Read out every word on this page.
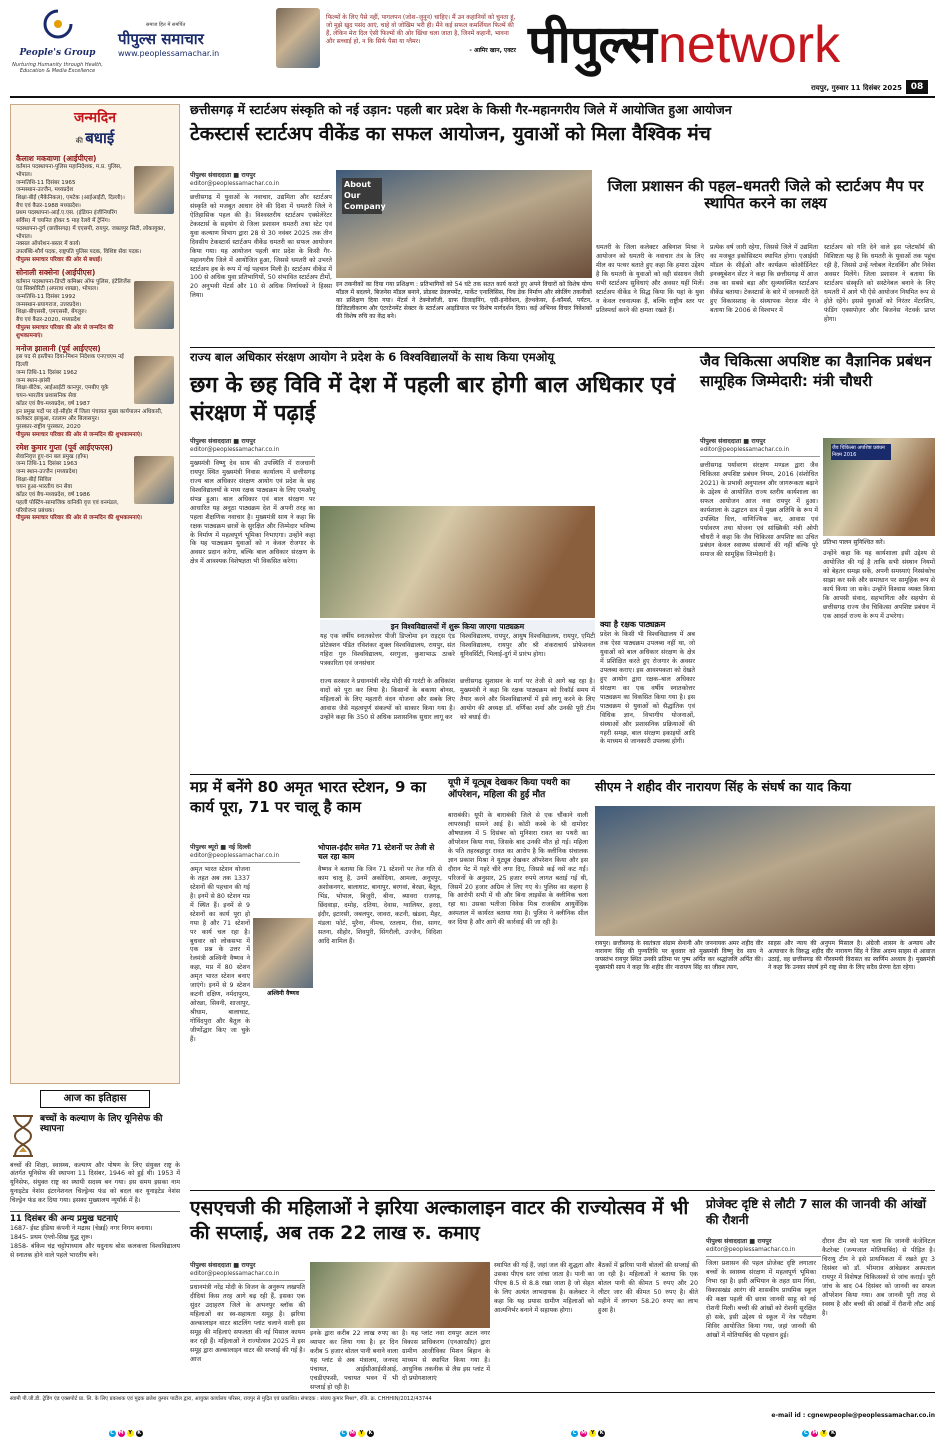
People's Group
Nurturing Humanity through Health, Education & Media Excellence
समाज हित में समर्पित
पीपुल्स समाचार
www.peoplessamachar.in
फिल्मों के लिए पैसे नहीं, पागलपन (जोश–जुनून) चाहिए। मैं उन कहानियों को चुनता हूं, जो मुझे खुद पसंद आएं, चाहे वो जोखिम भरी ही। मैंने कई सफल कमर्शियल फिल्में की हैं, लेकिन मेरा दिल ऐसी फिल्मों की ओर खिंचा चला जाता है, जिनमें कहानी, भावना और सच्चाई हो, न कि सिर्फ पैसा या ग्लैमर।
- आमिर खान, एक्टर पीपुल्स network
रायपुर, गुरुवार 11 दिसंबर 2025 08
जन्मदिन
की बधाई
कैलाश मकवाणा (आईपीएस)
वर्तमान पदस्थापना-पुलिस महानिदेशक, म.प्र. पुलिस, भोपाल।
जन्मतिथि-11 दिसंबर 1965
जन्मस्थान-उज्जैन, मध्यप्रदेश
शिक्षा-बीई (मैकेनिकल), एमटेक (आईआईटी, दिल्ली)।
बैच एवं कैडर-1988 मध्यप्रदेश।
प्रथम पदस्थापना-आई.ए.एस. (इंडियन इंजीनियरिंग सर्विस) में चयनित होकर 5 माह रेलवे में ट्रेनिंग।
पदस्थापना-दुर्ग (छत्तीसगढ़) में एएसपी, रायपुर, जबलपुर सिटी, लोकायुक्त, भोपाल।
नक्सल ऑपरेशन-बस्तर में कार्य।
उपलब्धि-शौर्य पदक, राष्ट्रपति पुलिस पदक, विशिष्ट सेवा पदक।
पीपुल्स समाचार परिवार की ओर से बधाई।
सोनाली सक्सेना (आईपीएस)
वर्तमान पदस्थापना-डिप्टी कमिश्नर ऑफ पुलिस, इंटेलिजेंस एंड सिक्योरिटी (अपराध शाखा), भोपाल।
जन्मतिथि-11 दिसंबर 1992
जन्मस्थान-प्रयागराज, उत्तरप्रदेश।
शिक्षा-बीएससी, एमएससी, बेंगलुरु।
बैच एवं कैडर-2020, मध्यप्रदेश
पीपुल्स समाचार परिवार की ओर से जन्मदिन की शुभकामनाएं।
मनोज झालानी (पूर्व आईएएस)
इस पद से इस्तीफा दिया-मिशन निदेशक एनएचएम नई दिल्ली
जन्म तिथि-11 दिसंबर 1962
जन्म स्थान-झांसी
शिक्षा-बीटेक, आईआईटी कानपुर, एमबीए यूके
चयन-भारतीय प्रशासनिक सेवा
कॉडर एवं बैच-मध्यप्रदेश, वर्ष 1987
इन प्रमुख पदों पर रहे-सीहोर में जिला पंचायत मुख्य कार्यपालन अधिकारी, कलेक्टर झाबुआ, रतलाम और बिलासपुर।
पुरस्कार-राष्ट्रीय पुरस्कार, 2020
पीपुल्स समाचार परिवार की ओर से जन्मदिन की शुभकामनाएं।
रमेश कुमार गुप्ता (पूर्व आईएफएस)
सेवानिवृत्त हुए-वन बल प्रमुख (हॉफ)
जन्म तिथि-11 दिसंबर 1963
जन्म स्थान-उज्जैन (मध्यप्रदेश)
शिक्षा-बीई सिविल
चयन हुआ-भारतीय वन सेवा
कॉडर एवं बैच-मध्यप्रदेश, वर्ष 1986
पहली पोस्टिंग-सामाजिक वानिकी वृत्त एवं वनमंडल, परियोजना प्रबंधक।
पीपुल्स समाचार परिवार की ओर से जन्मदिन की शुभकामनाएं।
छत्तीसगढ़ में स्टार्टअप संस्कृति को नई उड़ान: पहली बार प्रदेश के किसी गैर-महानगरीय जिले में आयोजित हुआ आयोजन
टेकस्टार्स स्टार्टअप वीकेंड का सफल आयोजन, युवाओं को मिला वैश्विक मंच
पीपुल्स संवाददाता ■ रायपुर
editor@peoplessamachar.co.in
छत्तीसगढ़ में युवाओं के नवाचार, उद्यमिता और स्टार्टअप संस्कृति को मजबूत आधार देने की दिशा में धमतरी जिले ने ऐतिहासिक पहल की है। विश्वस्तरीय स्टार्टअप एक्सेलेरेटर टेकस्टार्स के सहयोग से जिला प्रशासन धमतरी तथा स्टेट एवं युवा कल्याण विभाग द्वारा 28 से 30 नवंबर 2025 तक तीन दिवसीय टेकस्टार्स स्टार्टअप वीकेंड धमतरी का सफल आयोजन किया गया। यह आयोजन पहली बार प्रदेश के किसी गैर-महानगरीय जिले में आयोजित हुआ, जिससे धमतरी को उभरते स्टार्टअप हब के रूप में नई पहचान मिली है। स्टार्टअप वीकेंड में 100 से अधिक युवा प्रतिभागियों, 50 संभावित स्टार्टअप टीमों, 20 अनुभवी मेंटर्स और 10 से अधिक निर्णायकों ने हिस्सा लिया।
About Our Company
इन तकनीकों का दिया गया प्रशिक्षण : प्रतिभागियों को 54 घंटे तक सतत कार्य करते हुए अपने विचारों को विशेष योग्य मॉडल में बदलने, बिजनेस मॉडल बनाने, प्रोडक्ट डेवलपमेंट, मार्केट एनालिसिस, पिच डेक निर्माण और स्केलिंग तकनीकों का प्रशिक्षण दिया गया। मेंटर्स ने टेक्नोलॉजी, ग्राफ डिजाइनिंग, एग्री-इनोवेशन, हेल्थकेयर, ई-कॉमर्स, पर्यटन, डिजिटलीकरण और एंटरटेनमेंट सेक्टर के स्टार्टअप आइडियाज पर विशेष मार्गदर्शन दिया। कई अभिनव विचार निवेशकों की विशेष रुचि का केंद्र बने।
जिला प्रशासन की पहल–धमतरी जिले को स्टार्टअप मैप पर स्थापित करने का लक्ष्य
धमतरी के जिला कलेक्टर अबिनाश मिश्रा ने आयोजन को धमतरी के नवाचार तंत्र के लिए मील का पत्थर बताते हुए कहा कि हमारा उद्देश्य है कि धमतरी के युवाओं को वही संसाधन जैसी सभी स्टार्टअप सुविधाएं और अवसर यहीं मिलें। स्टार्टअप वीकेंड ने सिद्ध किया कि यहां के युवा न केवल रचनात्मक हैं, बल्कि राष्ट्रीय स्तर पर प्रतिस्पर्धा करने की क्षमता रखते हैं।
प्रत्येक वर्ष जारी रहेगा, जिससे जिले में उद्यमिता का मजबूत इकोसिस्टम स्थापित होगा। एआईसी मॉडल के सीईओ और कार्यक्रम कोऑर्डिनेटर इनक्यूबेशन सेंटर ने कहा कि छत्तीसगढ़ में आज तक का सबसे बड़ा और सुव्यवस्थित स्टार्टअप वीकेंड बताया। टेकस्टार्स के बारे में जानकारी देते हुए विकासशाह के संस्थापक मेराज मीर ने बताया कि 2006 से विश्वभर में
स्टार्टअप को गति देने वाले इस प्लेटफॉर्म की विशिष्टता यह है कि धमतरी के युवाओं तक पहुंच रही है, जिससे उन्हें ग्लोबल नेटवर्किंग और निवेश अवसर मिलेंगे। जिला प्रशासन ने बताया कि स्टार्टअप संस्कृति को सस्टेनेबल बनाने के लिए धमतरी में आगे भी ऐसे आयोजन नियमित रूप से होते रहेंगे। इससे युवाओं को निरंतर मेंटरशिप, फंडिंग एक्सपोज़र और बिजनेस नेटवर्क प्राप्त होगा।
राज्य बाल अधिकार संरक्षण आयोग ने प्रदेश के 6 विश्वविद्यालयों के साथ किया एमओयू
छग के छह विवि में देश में पहली बार होगी बाल अधिकार एवं संरक्षण में पढ़ाई
पीपुल्स संवाददाता ■ रायपुर
editor@peoplessamachar.co.in
मुख्यमंत्री विष्णु देव साय की उपस्थिति में राजधानी रायपुर स्थित मुख्यमंत्री निवास कार्यालय में छत्तीसगढ़ राज्य बाल अधिकार संरक्षण आयोग एवं प्रदेश के छह विश्वविद्यालयों के मध्य रक्षक पाठ्यक्रम के लिए एमओयू संपन्न हुआ। बाल अधिकार एवं बाल संरक्षण पर आधारित यह अनूठा पाठ्यक्रम देश में अपनी तरह का पहला शैक्षणिक नवाचार है। मुख्यमंत्री साय ने कहा कि रक्षक पाठ्यक्रम छात्रों के सुरक्षित और जिम्मेदार भविष्य के निर्माण में महत्वपूर्ण भूमिका निभाएगा। उन्होंने कहा कि यह पाठ्यक्रम युवाओं को न केवल रोजगार के अवसर प्रदान करेगा, बल्कि बाल अधिकार संरक्षण के क्षेत्र में आवश्यक विशेषज्ञता भी विकसित करेगा।
इन विश्वविद्यालयों में शुरू किया जाएगा पाठ्यक्रम
यह एक वर्षीय स्नातकोत्तर पीजी डिप्लोमा इन राइट्स एंड प्रोटेक्शन पंडित रविशंकर शुक्ल विश्वविद्यालय, रायपुर, संत गहिरा गुरु विश्वविद्यालय, सरगुजा, कुशाभाऊ ठाकरे पत्रकारिता एवं जनसंचार
विश्वविद्यालय, रायपुर, आयुष विश्वविद्यालय, रायपुर, एमिटी विश्वविद्यालय, रायपुर और श्री शंकराचार्य प्रोफेशनल यूनिवर्सिटी, भिलाई-दुर्ग में प्रारंभ होगा।
राज्य सरकार ने प्रधानमंत्री नरेंद्र मोदी की गारंटी के अधिकांश वादों को पूरा कर लिया है। किसानों के बकाया बोनस, महिलाओं के लिए महतारी वंदन योजना और सबके लिए आवास जैसे महत्वपूर्ण संकल्पों को साकार किया गया है। उन्होंने कहा कि 350 से अधिक प्रशासनिक सुधार लागू कर
छत्तीसगढ़ सुशासन के मार्ग पर तेजी से आगे बढ़ रहा है। मुख्यमंत्री ने कहा कि रक्षक पाठ्यक्रम को रिकॉर्ड समय में तैयार करने और विश्वविद्यालयों में इसे लागू करने के लिए आयोग की अध्यक्ष डॉ. वर्णिका शर्मा और उनकी पूरी टीम को बधाई दी।
क्या है रक्षक पाठ्यक्रम
प्रदेश के किसी भी विश्वविद्यालय में अब तक ऐसा पाठ्यक्रम उपलब्ध नहीं था, जो युवाओं को बाल अधिकार संरक्षण के क्षेत्र में प्रशिक्षित करते हुए रोजगार के अवसर उपलब्ध कराए। इस आवश्यकता को देखते हुए आयोग द्वारा रक्षक–बाल अधिकार संरक्षण का एक वर्षीय स्नातकोत्तर पाठ्यक्रम का विकसित किया गया है। इस पाठ्यक्रम से युवाओं को सैद्धांतिक एवं विधिक ज्ञान, विभागीय योजनाओं, संस्थाओं और प्रशासनिक प्रक्रियाओं की गहरी समझ, बाल संरक्षण इकाइयों आदि के माध्यम से जानकारी उपलब्ध होगी।
जैव चिकित्सा अपशिष्ट का वैज्ञानिक प्रबंधन सामूहिक जिम्मेदारी: मंत्री चौधरी
पीपुल्स संवाददाता ■ रायपुर
editor@peoplessamachar.co.in
छत्तीसगढ़ पर्यावरण संरक्षण मण्डल द्वारा जैव चिकित्सा अपशिष्ट प्रबंधन नियम, 2016 (संशोधित 2021) के प्रभावी अनुपालन और जागरूकता बढ़ाने के उद्देश्य से आयोजित राज्य स्तरीय कार्यशाला का सफल आयोजन आज नवा रायपुर में हुआ। कार्यशाला के उद्घाटन सत्र में मुख्य अतिथि के रूप में उपस्थित वित्त, वाणिज्यिक कर, आवास एवं पर्यावरण तथा योजना एवं सांख्यिकी मंत्री ओपी चौधरी ने कहा कि जैव चिकित्सा अपशिष्ट का उचित प्रबंधन केवल स्वास्थ्य संस्थानों की नहीं बल्कि पूरे समाज की सामूहिक जिम्मेदारी है।
जैव चिकित्सा अपशिष्ट प्रबंधन नियम 2016
प्रतिभा पालन सुनिश्चित करें।
उन्होंने कहा कि यह कार्यशाला इसी उद्देश्य से आयोजित की गई है ताकि सभी संस्थान नियमों को बेहतर समझ सकें, अपनी समस्याएं निस्संकोच साझा कर सकें और समाधान पर सामूहिक रूप से कार्य किया जा सके। उन्होंने विश्वास व्यक्त किया कि आपसी संवाद, सहभागिता और सहयोग से छत्तीसगढ़ राज्य जैव चिकित्सा अपशिष्ट प्रबंधन में एक आदर्श राज्य के रूप में उभरेगा।
मप्र में बनेंगे 80 अमृत भारत स्टेशन, 9 का कार्य पूरा, 71 पर चालू है काम
पीपुल्स ब्यूरो ■ नई दिल्ली
editor@peoplessamachar.co.in
अमृत भारत स्टेशन योजना के तहत अब तक 1337 स्टेशनों की पहचान की गई है। इनमें से 80 स्टेशन मप्र में स्थित हैं। इनमें से 9 स्टेशनों का कार्य पूरा हो गया है और 71 स्टेशनों पर कार्य चल रहा है। बुधवार को लोकसभा में एक प्रश्न के उत्तर में रेलमंत्री अश्विनी वैष्णव ने कहा, मप्र में 80 स्टेशन अमृत भारत स्टेशन बनाए जाएंगे। इनमें से 9 स्टेशन कटनी दक्षिण, नर्मदापुरम, ओरछा, सिवनी, शाजापुर, श्रीधाम, बालाघाट, गोविंदपुरा और बैतूल के जीर्णोद्धार किए जा चुके हैं।
अश्विनी वैष्णव
भोपाल-इंदौर समेत 71 स्टेशनों पर तेजी से चल रहा काम
वैष्णव ने बताया कि जिन 71 स्टेशनों पर तेज गति से काम चालू है, उनमें अकोदिया, आमला, अनूपपुर, अशोकनगर, बालाघाट, बानापुर, बरगवां, बेरछा, बैतूल, भिंड, भोपाल, बिजुरी, बीना, ब्यावरा राजगढ़, छिंदवाड़ा, दमोह, दतिया, देवास, ग्वालियर, हरदा, इंदौर, इटारसी, जबलपुर, जावरा, कटनी, खंडवा, मैहर, मंडला फोर्ट, मुरैना, नीमच, रतलाम, रीवा, सागर, सतना, सीहोर, शिवपुरी, सिंगरौली, उज्जैन, विदिशा आदि शामिल हैं।
यूपी में यूट्यूब देखकर किया पथरी का ऑपरेशन, महिला की हुई मौत
बाराबंकी। यूपी के बाराबंकी जिले से एक चौंकाने वाली लापरवाही सामने आई है। कोठी कस्बे के श्री दामोदर औषधालय में 5 दिसंबर को मुनिशरा रावत का पथरी का ऑपरेशन किया गया, जिसके बाद उनकी मौत हो गई। महिला के पति तहरबहादुर रावत का आरोप है कि क्लीनिक संचालक ज्ञान प्रकाश मिश्रा ने यूट्यूब देखकर ऑपरेशन किया और इस दौरान पेट में गहरे चीरे लगा दिए, जिससे कई नसें कट गईं। परिजनों के अनुसार, 25 हजार रुपये लागत बताई गई थी, जिसमें 20 हजार अग्रिम ले लिए गए थे। पुलिस का कहना है कि आरोपी सभी में थी और बिना लाइसेंस के क्लीनिक चला रहा था। उसका भतीजा विवेक मिश्र राजकीय आयुर्वेदिक अस्पताल में कार्यरत बताया गया है। पुलिस ने क्लीनिक सील कर दिया है और आगे की कार्रवाई की जा रही है।
सीएम ने शहीद वीर नारायण सिंह के संघर्ष का याद किया
रायपुर। छत्तीसगढ़ के स्वतंत्रता संग्राम सेनानी और जननायक अमर शहीद वीर नारायण सिंह की पुण्यतिथि पर बुधवार को मुख्यमंत्री विष्णु देव साय ने जयस्तंभ रायपुर स्थित उनकी प्रतिमा पर पुष्प अर्पित कर श्रद्धांजलि अर्पित की। मुख्यमंत्री साय ने कहा कि शहीद वीर नारायण सिंह का जीवन त्याग,
साहस और न्याय की अनुपम मिसाल है। अंग्रेजी शासन के अन्याय और अत्याचार के विरुद्ध शहीद वीर नारायण सिंह ने जिस अदम्य साहस से आवाज उठाई, वह छत्तीसगढ़ की गौरवमयी विरासत का स्वर्णिम अध्याय है। मुख्यमंत्री ने कहा कि उनका संघर्ष हमें राष्ट्र सेवा के लिए सदैव प्रेरणा देता रहेगा।
आज का इतिहास
बच्चों के कल्याण के लिए यूनिसेफ की स्थापना
बच्चों की शिक्षा, स्वास्थ्य, कल्याण और पोषण के लिए संयुक्त राष्ट्र के अंतर्गत यूनिसेफ की स्थापना 11 दिसंबर, 1946 को हुई थी। 1953 में यूनिसेफ, संयुक्त राष्ट्र का स्थायी सदस्य बन गया। इस समय इसका नाम युनाइटेड नेशंस इंटरनेशनल चिल्ड्रेन्स फंड को बदल कर यूनाइटेड नेशंस चिल्ड्रेन फंड कर दिया गया। इसका मुख्यालय न्यूयॉर्क में है।
11 दिसंबर की अन्य प्रमुख घटनाएं
1687- ईस्ट इंडिया कंपनी ने मद्रास (चेन्नई) नगर निगम बनाया।
1845- प्रथम एंग्लो-सिख युद्ध शुरू।
1858- बंकिम चंद्र चट्टोपाध्याय और यदुनाथ बोस कलकत्ता विश्वविद्यालय से स्नातक होने वाले पहले भारतीय बने।
एसएचजी की महिलाओं ने झरिया अल्कालाइन वाटर की राज्योत्सव में भी की सप्लाई, अब तक 22 लाख रु. कमाए
पीपुल्स संवाददाता ■ रायपुर
editor@peoplessamachar.co.in
प्रधानमंत्री नरेंद्र मोदी के विजन के अनुरूप लखपति दीदियां किस तरह आगे बढ़ रही हैं, इसका एक सुंदर उदाहरण जिले के अभनपुर ब्लॉक की महिलाओं का स्व-सहायता समूह है। झरिया अल्कालाइन वाटर बाटलिंग प्लांट चलाने वाली इस समूह की महिलाएं सफलता की नई मिसाल कायम कर रही हैं। महिलाओं ने राज्योत्सव 2025 में इस समूह द्वारा अल्कालाइन वाटर की सप्लाई की गई है। आज
इनके द्वारा करीब 22 लाख रुपए का व्यापार कर लिया गया है। हर दिन करीब 5 हजार बोतल पानी बनाने वाला यह प्लांट से अब मंत्रालय, जनपद पंचायत, आईसीआईसीआई, एचडीएफसी, पचायत भवन में भी सप्लाई हो रही है।
है। यह प्लांट नवा रायपुर अटल नगर विकास प्राधिकरण (एनआरडीए) द्वारा ग्रामीण आजीविका मिशन बिहान के माध्यम से स्थापित किया गया है। आधुनिक तकनीक से लैस इस प्लांट में दो प्रयोगशालाएं
स्थापित की गई हैं, जहां जल की शुद्धता और उसका पीएच स्तर जांचा जाता है। पानी का पीएच 8.5 से 8.8 रखा जाता है जो सेहत के लिए अत्यंत लाभदायक है। कलेक्टर ने कहा कि यह प्रयास ग्रामीण महिलाओं को आत्मनिर्भर बनाने में सहायक होगा।
बैठकों में झरिया पानी बोतलों की सप्लाई की जा रही है। महिलाओं ने बताया कि एक बोतल पानी की कीमत 5 रुपए और 20 लीटर जार की कीमत 50 रुपए है। बीते महीने में लगभग 58.20 रुपए का लाभ हुआ है।
प्रोजेक्ट दृष्टि से लौटी 7 साल की जानवी की आंखों की रौशनी
पीपुल्स संवाददाता ■ रायपुर
editor@peoplessamachar.co.in
जिला प्रशासन की पहल प्रोजेक्ट दृष्टि लगातार बच्चों के स्वास्थ्य संरक्षण में महत्वपूर्ण भूमिका निभा रहा है। इसी अभियान के तहत ग्राम गिंवा, विकासखंड आरंग की शासकीय प्राथमिक स्कूल की कक्षा पहली की छात्रा जानवी साहू को नई रोशनी मिली। बच्ची की आंखों को रोशनी सुरक्षित हो सके, इसी उद्देश्य से स्कूल में नेत्र परीक्षण शिविर आयोजित किया गया, जहां जानवी की आंखों में मोतियाबिंद की पहचान हुई।
दौरान टीम को पता चला कि जानवी कंजेनिटल कैटरेक्ट (जन्मजात मोतियाबिंद) से पीड़ित है। चिरायु टीम ने इसे प्राथमिकता में रखते हुए 3 दिसंबर को डॉ. भीमराव आंबेडकर अस्पताल रायपुर में विशेषज्ञ चिकित्सकों से जांच कराई। पूरी जांच के बाद 04 दिसंबर को जानवी का सफल ऑपरेशन किया गया। अब जानवी पूरी तरह से स्वस्थ है और बच्ची की आंखों में रौशनी लौट आई है।
स्वामी पी.जी.डी. ट्रेडिंग एंड एक्सपोर्ट प्रा. लि. के लिए प्रकाशक एवं मुद्रक ब्रजेश कुमार पाटील द्वारा, आयुक्त कार्यालय परिसर, रायपुर से मुद्रित एवं प्रकाशित। संपादक : संजय कुमार मिश्रा*, रजि. क्र. CHHHIN/2012/43744
e-mail id : cgnewpeople@peoplessamachar.co.in
C M Y K	C M Y K	C M Y K	C M Y K
